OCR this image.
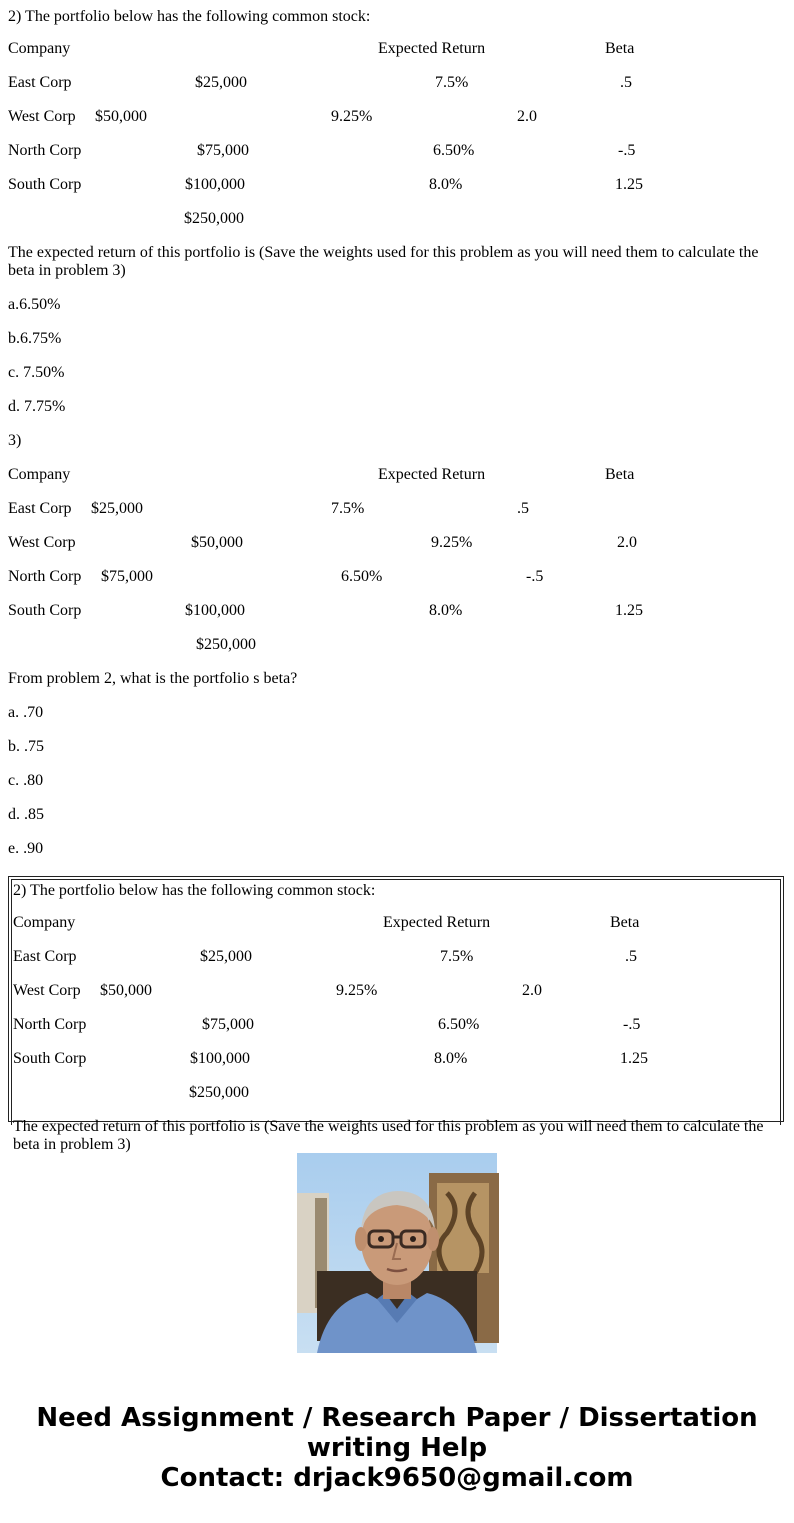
2) The portfolio below has the following common stock:
Company	Expected Return	Beta
East Corp	$25,000	7.5%	.5
West Corp $50,000	9.25%	2.0
North Corp	$75,000	6.50%	-.5
South Corp	$100,000	8.0%	1.25
$250,000
The expected return of this portfolio is (Save the weights used for this problem as you will need them to calculate the beta in problem 3)
a.6.50%
b.6.75%
c. 7.50%
d. 7.75%
3)
Company	Expected Return	Beta
East Corp $25,000	7.5%	.5
West Corp	$50,000	9.25%	2.0
North Corp $75,000	6.50%	-.5
South Corp	$100,000	8.0%	1.25
$250,000
From problem 2, what is the portfolio s beta?
a. .70
b. .75
c. .80
d. .85
e. .90
2) The portfolio below has the following common stock:
Company	Expected Return	Beta
East Corp	$25,000	7.5%	.5
West Corp $50,000	9.25%	2.0
North Corp	$75,000	6.50%	-.5
South Corp	$100,000	8.0%	1.25
$250,000
The expected return of this portfolio is (Save the weights used for this problem as you will need them to calculate the beta in problem 3)
Need Assignment / Research Paper / Dissertation
writing Help
Contact: drjack9650@gmail.com
